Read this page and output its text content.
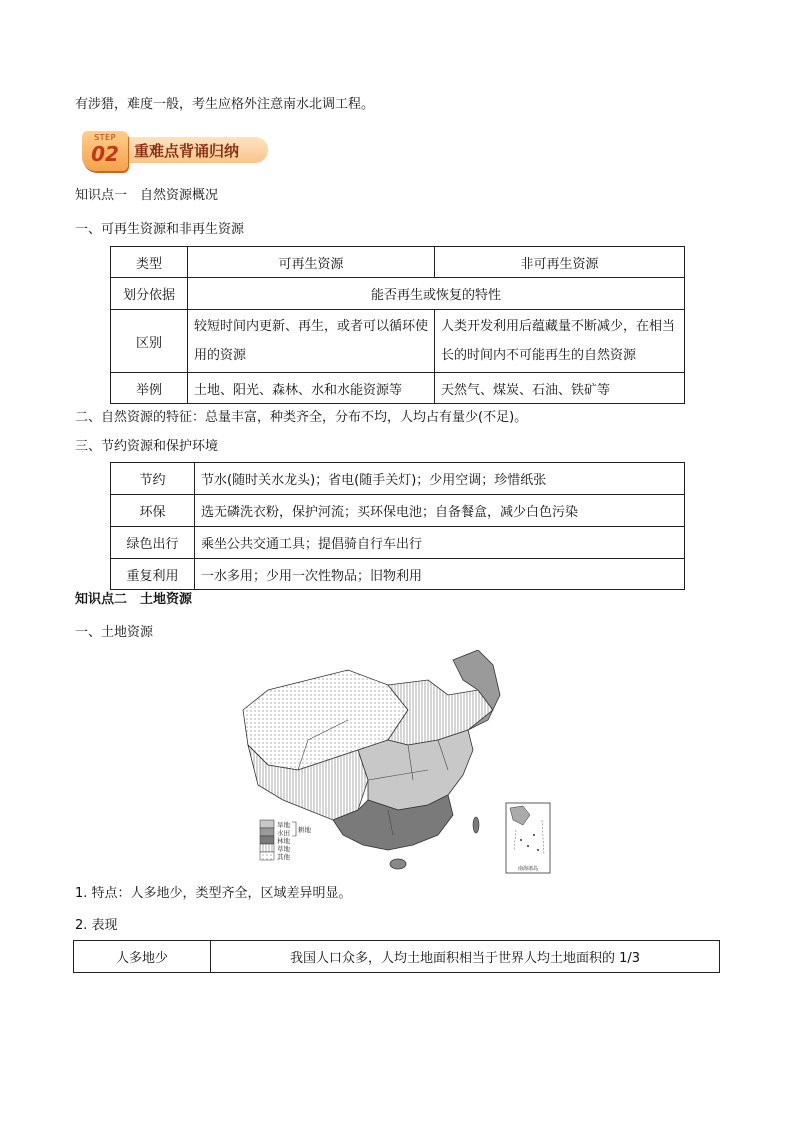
有涉猎，难度一般，考生应格外注意南水北调工程。
重难点背诵归纳
STEP
02
知识点一　自然资源概况
一、可再生资源和非再生资源
类型	可再生资源	非可再生资源
划分依据	能否再生或恢复的特性	
区别	较短时间内更新、再生，或者可以循环使用的资源	人类开发利用后蕴藏量不断减少，在相当长的时间内不可能再生的自然资源
举例	土地、阳光、森林、水和水能资源等	天然气、煤炭、石油、铁矿等
二、自然资源的特征：总量丰富，种类齐全，分布不均，人均占有量少(不足)。
三、节约资源和保护环境
节约	节水(随时关水龙头)；省电(随手关灯)；少用空调；珍惜纸张
环保	选无磷洗衣粉，保护河流；买环保电池；自备餐盒，减少白色污染
绿色出行	乘坐公共交通工具；提倡骑自行车出行
重复利用	一水多用；少用一次性物品；旧物利用
知识点二　土地资源
一、土地资源
旱地
水田
林地
草地
其他
耕地
南海诸岛
1. 特点：人多地少，类型齐全，区域差异明显。
2. 表现
人多地少	我国人口众多，人均土地面积相当于世界人均土地面积的 1/3
